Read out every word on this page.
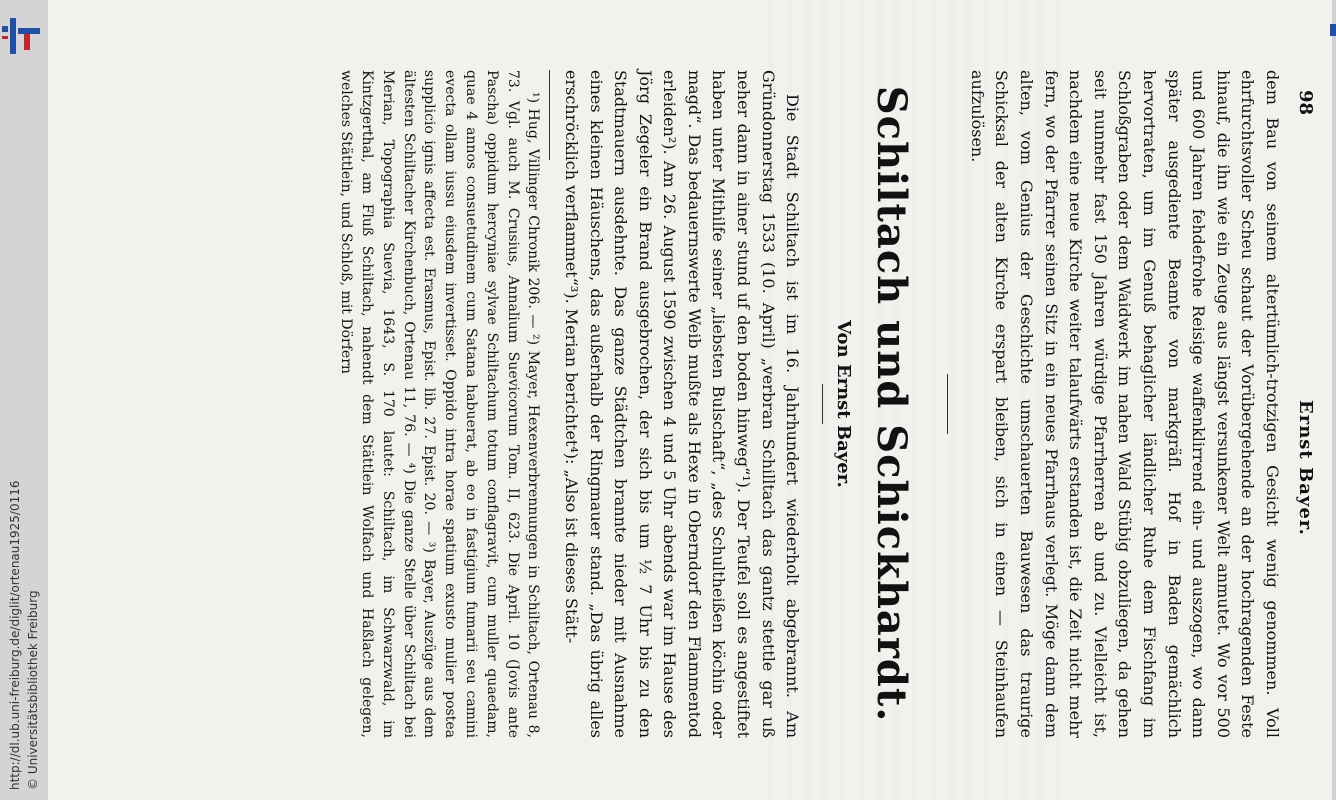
http://dl.ub.uni-freiburg.de/diglit/ortenau1925/0116 © Universitätsbibliothek Freiburg
98
Ernst Bayer.

dem Bau von seinem altertümlich-trotzigen Gesicht wenig genommen. Voll ehrfurchtsvoller Scheu schaut der Vorübergehende an der hochragenden Feste hinauf, die ihn wie ein Zeuge aus längst versunkener Welt anmutet. Wo vor 500 und 600 Jahren fehdefrohe Reisige waffenklirrend ein- und auszogen, wo dann später ausgediente Beamte von markgräfl. Hof in Baden gemächlich hervortraten, um im Genuß behaglicher ländlicher Ruhe dem Fischfang im Schloßgraben oder dem Waidwerk im nahen Wald Stübig obzuliegen, da gehen seit nunmehr fast 150 Jahren würdige Pfarrherren ab und zu. Vielleicht ist, nachdem eine neue Kirche weiter talaufwärts erstanden ist, die Zeit nicht mehr fern, wo der Pfarrer seinen Sitz in ein neues Pfarrhaus verlegt. Möge dann dem alten, vom Genius der Geschichte umschauerten Bauwesen das traurige Schicksal der alten Kirche erspart bleiben, sich in einen — Steinhaufen aufzulösen.

Schiltach und Schickhardt.
Von Ernst Bayer.

Die Stadt Schiltach ist im 16. Jahrhundert wiederholt abgebrannt. Am Gründonnerstag 1533 (10. April) „verbran Schilltach das gantz stettle gar uß neher dann in ainer stund uf den boden hinweg“¹). Der Teufel soll es angestiftet haben unter Mithilfe seiner „liebsten Bulschaft“, „des Schultheißen köchin oder magd“. Das bedauernswerte Weib mußte als Hexe in Oberndorf den Flammentod erleiden²). Am 26. August 1590 zwischen 4 und 5 Uhr abends war im Hause des Jörg Zegeler ein Brand ausgebrochen, der sich bis um ½ 7 Uhr bis zu den Stadtmauern ausdehnte. Das ganze Städtchen brannte nieder mit Ausnahme eines kleinen Häuschens, das außerhalb der Ringmauer stand. „Das übrig alles erschröcklich verflammet“³). Merian berichtet⁴): „Also ist dieses Stätt-

¹) Hug, Villinger Chronik 206. — ²) Mayer, Hexenverbrennungen in Schiltach, Ortenau 8, 73. Vgl. auch M. Crusius, Annalium Suevicorum Tom. II, 623. Die April. 10 (Jovis ante Pascha) oppidum hercyniae sylvae Schiltachum totum conflagravit, cum muller quaedam, quae 4 annos consuetudinem cum Satana habuerat, ab eo in fastigium fumarii seu camini evecta ollam iussu eiusdem invertisset. Oppido intra horae spatium exusto mulier postea supplicio ignis affecta est. Erasmus, Epist. lib. 27. Epist. 20. — ³) Bayer, Auszüge aus dem ältesten Schiltacher Kirchenbuch, Ortenau 11, 76. — ⁴) Die ganze Stelle über Schiltach bei Merian, Topographia Suevia, 1643, S. 170 lautet: Schiltach, im Schwarzwald, im Kintzgerthal, am Fluß Schiltach, nahendt dem Stättlein Wolfach und Haßlach gelegen, welches Stättlein, und Schloß, mit Dörfern
